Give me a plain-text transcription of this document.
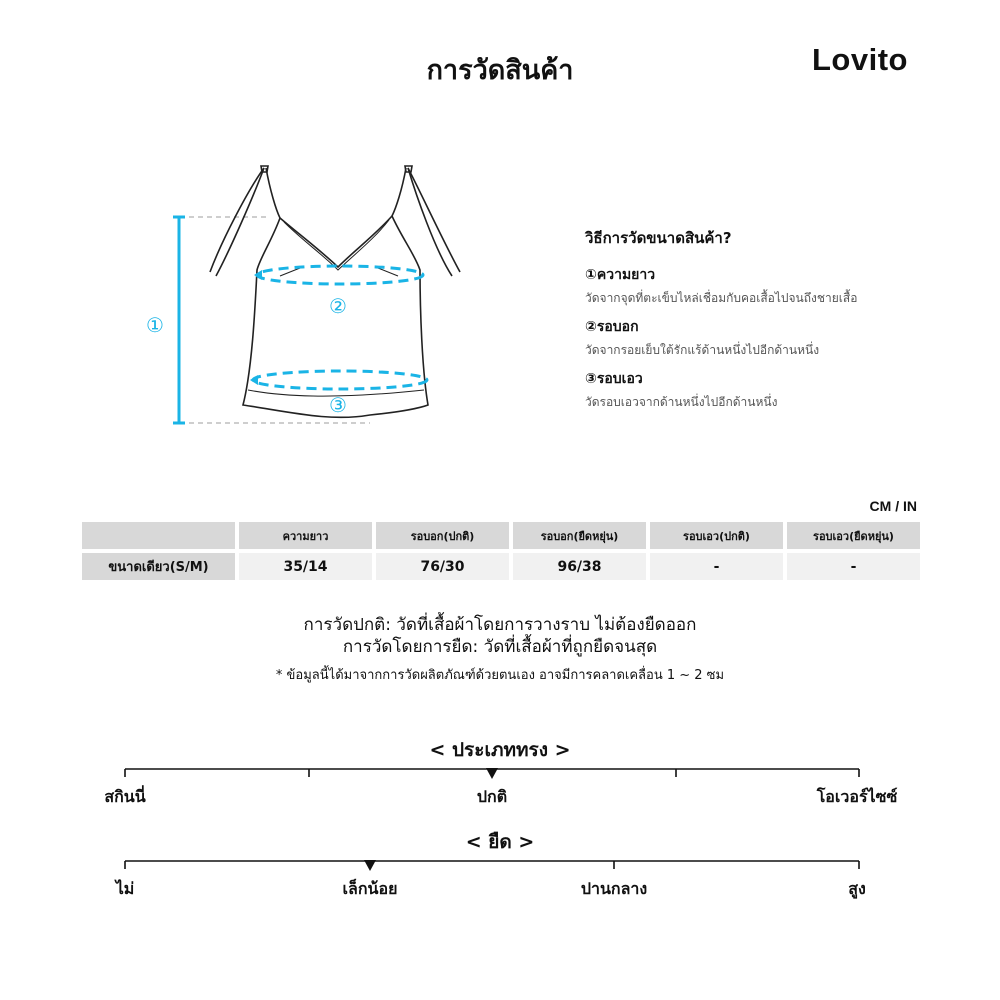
การวัดสินค้า	Lovito
①
②
③
วิธีการวัดขนาดสินค้า?
①ความยาว
วัดจากจุดที่ตะเข็บไหล่เชื่อมกับคอเสื้อไปจนถึงชายเสื้อ
②รอบอก
วัดจากรอยเย็บใต้รักแร้ด้านหนึ่งไปอีกด้านหนึ่ง
③รอบเอว
วัดรอบเอวจากด้านหนึ่งไปอีกด้านหนึ่ง
CM / IN
	ความยาว	รอบอก(ปกติ)	รอบอก(ยืดหยุ่น)	รอบเอว(ปกติ)	รอบเอว(ยืดหยุ่น)
ขนาดเดียว(S/M)	35/14	76/30	96/38	-	-
การวัดปกติ: วัดที่เสื้อผ้าโดยการวางราบ ไม่ต้องยืดออก
การวัดโดยการยืด: วัดที่เสื้อผ้าที่ถูกยืดจนสุด
* ข้อมูลนี้ได้มาจากการวัดผลิตภัณฑ์ด้วยตนเอง อาจมีการคลาดเคลื่อน 1 ~ 2 ซม
< ประเภททรง >
สกินนี่	ปกติ	โอเวอร์ไซซ์
< ยืด >
ไม่	เล็กน้อย	ปานกลาง	สูง
